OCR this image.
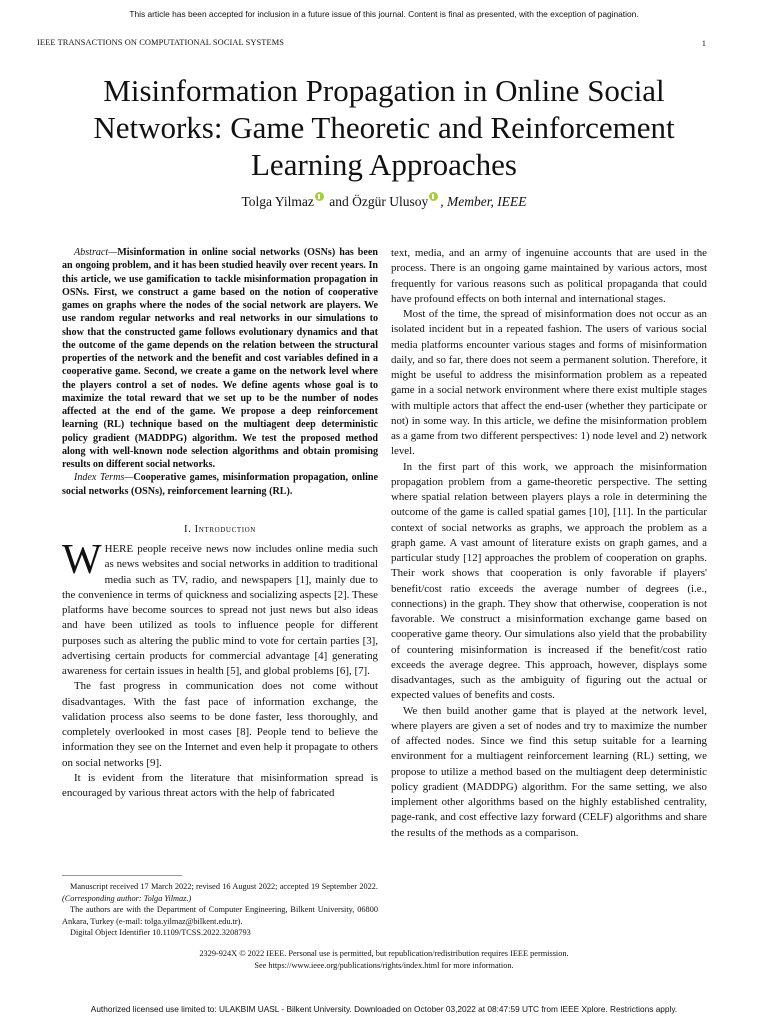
This article has been accepted for inclusion in a future issue of this journal. Content is final as presented, with the exception of pagination.
IEEE TRANSACTIONS ON COMPUTATIONAL SOCIAL SYSTEMS	1
Misinformation Propagation in Online Social Networks: Game Theoretic and Reinforcement Learning Approaches
Tolga Yilmaz and Özgür Ulusoy , Member, IEEE

Abstract—Misinformation in online social networks (OSNs) has been an ongoing problem, and it has been studied heavily over recent years. In this article, we use gamification to tackle misinformation propagation in OSNs. First, we construct a game based on the notion of cooperative games on graphs where the nodes of the social network are players. We use random regular networks and real networks in our simulations to show that the constructed game follows evolutionary dynamics and that the outcome of the game depends on the relation between the structural properties of the network and the benefit and cost variables defined in a cooperative game. Second, we create a game on the network level where the players control a set of nodes. We define agents whose goal is to maximize the total reward that we set up to be the number of nodes affected at the end of the game. We propose a deep reinforcement learning (RL) technique based on the multiagent deep deterministic policy gradient (MADDPG) algorithm. We test the proposed method along with well-known node selection algorithms and obtain promising results on different social networks.

Index Terms—Cooperative games, misinformation propagation, online social networks (OSNs), reinforcement learning (RL).

I. Introduction

WHERE people receive news now includes online media such as news websites and social networks in addition to traditional media such as TV, radio, and newspapers [1], mainly due to the convenience in terms of quickness and socializing aspects [2]. These platforms have become sources to spread not just news but also ideas and have been utilized as tools to influence people for different purposes such as altering the public mind to vote for certain parties [3], advertising certain products for commercial advantage [4] generating awareness for certain issues in health [5], and global problems [6], [7].

The fast progress in communication does not come without disadvantages. With the fast pace of information exchange, the validation process also seems to be done faster, less thoroughly, and completely overlooked in most cases [8]. People tend to believe the information they see on the Internet and even help it propagate to others on social networks [9].

It is evident from the literature that misinformation spread is encouraged by various threat actors with the help of fabricated

text, media, and an army of ingenuine accounts that are used in the process. There is an ongoing game maintained by various actors, most frequently for various reasons such as political propaganda that could have profound effects on both internal and international stages.

Most of the time, the spread of misinformation does not occur as an isolated incident but in a repeated fashion. The users of various social media platforms encounter various stages and forms of misinformation daily, and so far, there does not seem a permanent solution. Therefore, it might be useful to address the misinformation problem as a repeated game in a social network environment where there exist multiple stages with multiple actors that affect the end-user (whether they participate or not) in some way. In this article, we define the misinformation problem as a game from two different perspectives: 1) node level and 2) network level.

In the first part of this work, we approach the misinformation propagation problem from a game-theoretic perspective. The setting where spatial relation between players plays a role in determining the outcome of the game is called spatial games [10], [11]. In the particular context of social networks as graphs, we approach the problem as a graph game. A vast amount of literature exists on graph games, and a particular study [12] approaches the problem of cooperation on graphs. Their work shows that cooperation is only favorable if players' benefit/cost ratio exceeds the average number of degrees (i.e., connections) in the graph. They show that otherwise, cooperation is not favorable. We construct a misinformation exchange game based on cooperative game theory. Our simulations also yield that the probability of countering misinformation is increased if the benefit/cost ratio exceeds the average degree. This approach, however, displays some disadvantages, such as the ambiguity of figuring out the actual or expected values of benefits and costs.

We then build another game that is played at the network level, where players are given a set of nodes and try to maximize the number of affected nodes. Since we find this setup suitable for a learning environment for a multiagent reinforcement learning (RL) setting, we propose to utilize a method based on the multiagent deep deterministic policy gradient (MADDPG) algorithm. For the same setting, we also implement other algorithms based on the highly established centrality, page-rank, and cost effective lazy forward (CELF) algorithms and share the results of the methods as a comparison.

Manuscript received 17 March 2022; revised 16 August 2022; accepted 19 September 2022. (Corresponding author: Tolga Yilmaz.)

The authors are with the Department of Computer Engineering, Bilkent University, 06800 Ankara, Turkey (e-mail: tolga.yilmaz@bilkent.edu.tr).

Digital Object Identifier 10.1109/TCSS.2022.3208793

2329-924X © 2022 IEEE. Personal use is permitted, but republication/redistribution requires IEEE permission.
See https://www.ieee.org/publications/rights/index.html for more information.
Authorized licensed use limited to: ULAKBIM UASL - Bilkent University. Downloaded on October 03,2022 at 08:47:59 UTC from IEEE Xplore. Restrictions apply.
